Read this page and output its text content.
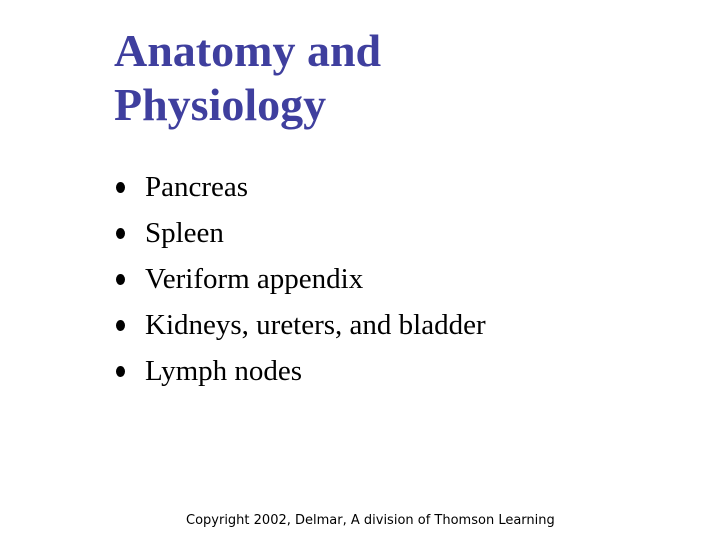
Anatomy and
Physiology
Pancreas
Spleen
Veriform appendix
Kidneys, ureters, and bladder
Lymph nodes
Copyright 2002, Delmar, A division of Thomson Learning
